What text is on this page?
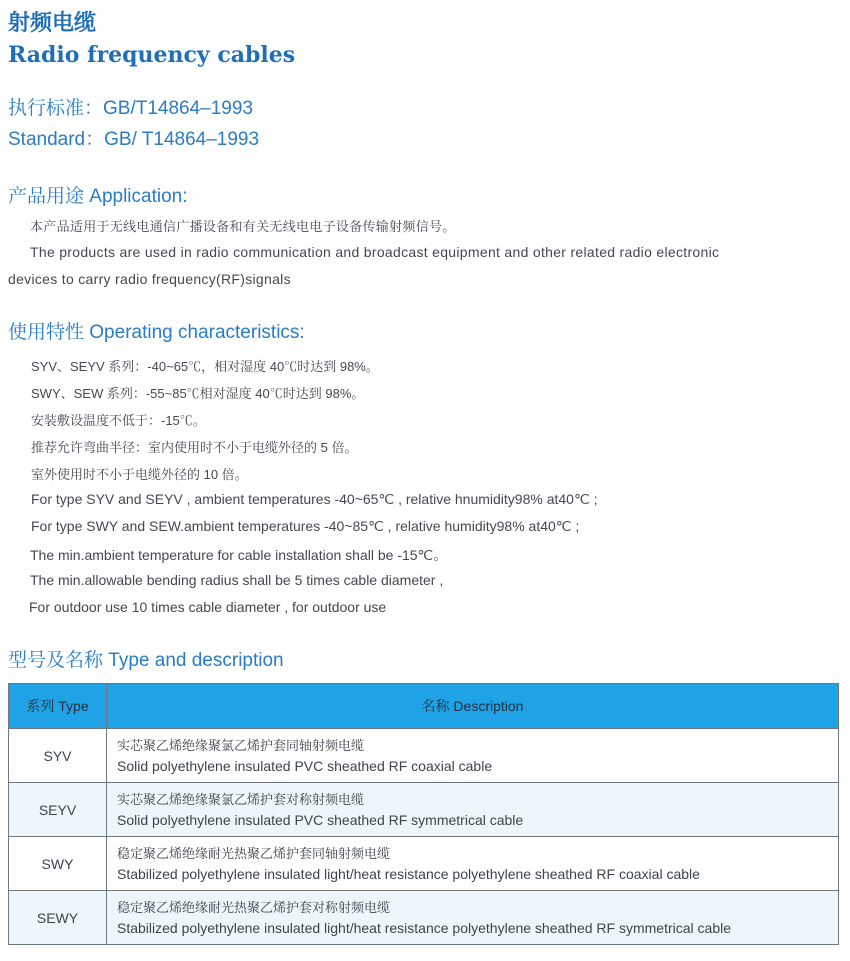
射频电缆
Radio frequency cables
执行标准：GB/T14864–1993
Standard：GB/ T14864–1993
产品用途 Application:
本产品适用于无线电通信广播设备和有关无线电电子设备传输射频信号。
The products are used in radio communication and broadcast equipment and other related radio electronic
devices to carry radio frequency(RF)signals
使用特性 Operating characteristics:
SYV、SEYV 系列：-40~65℃，相对湿度 40℃时达到 98%。
SWY、SEW 系列：-55~85℃相对湿度 40℃时达到 98%。
安装敷设温度不低于：-15℃。
推荐允许弯曲半径：室内使用时不小于电缆外径的 5 倍。
室外使用时不小于电缆外径的 10 倍。
For type SYV and SEYV , ambient temperatures -40~65℃ , relative hnumidity98% at40℃ ;
For type SWY and SEW.ambient temperatures -40~85℃ , relative humidity98% at40℃ ;
The min.ambient temperature for cable installation shall be -15℃。
The min.allowable bending radius shall be 5 times cable diameter ,
For outdoor use 10 times cable diameter , for outdoor use
型号及名称 Type and description
系列 Type	名称 Description
SYV	实芯聚乙烯绝缘聚氯乙烯护套同轴射频电缆
Solid polyethylene insulated PVC sheathed RF coaxial cable

SEYV	实芯聚乙烯绝缘聚氯乙烯护套对称射频电缆
Solid polyethylene insulated PVC sheathed RF symmetrical cable

SWY	稳定聚乙烯绝缘耐光热聚乙烯护套同轴射频电缆
Stabilized polyethylene insulated light/heat resistance polyethylene sheathed RF coaxial cable

SEWY	稳定聚乙烯绝缘耐光热聚乙烯护套对称射频电缆
Stabilized polyethylene insulated light/heat resistance polyethylene sheathed RF symmetrical cable
